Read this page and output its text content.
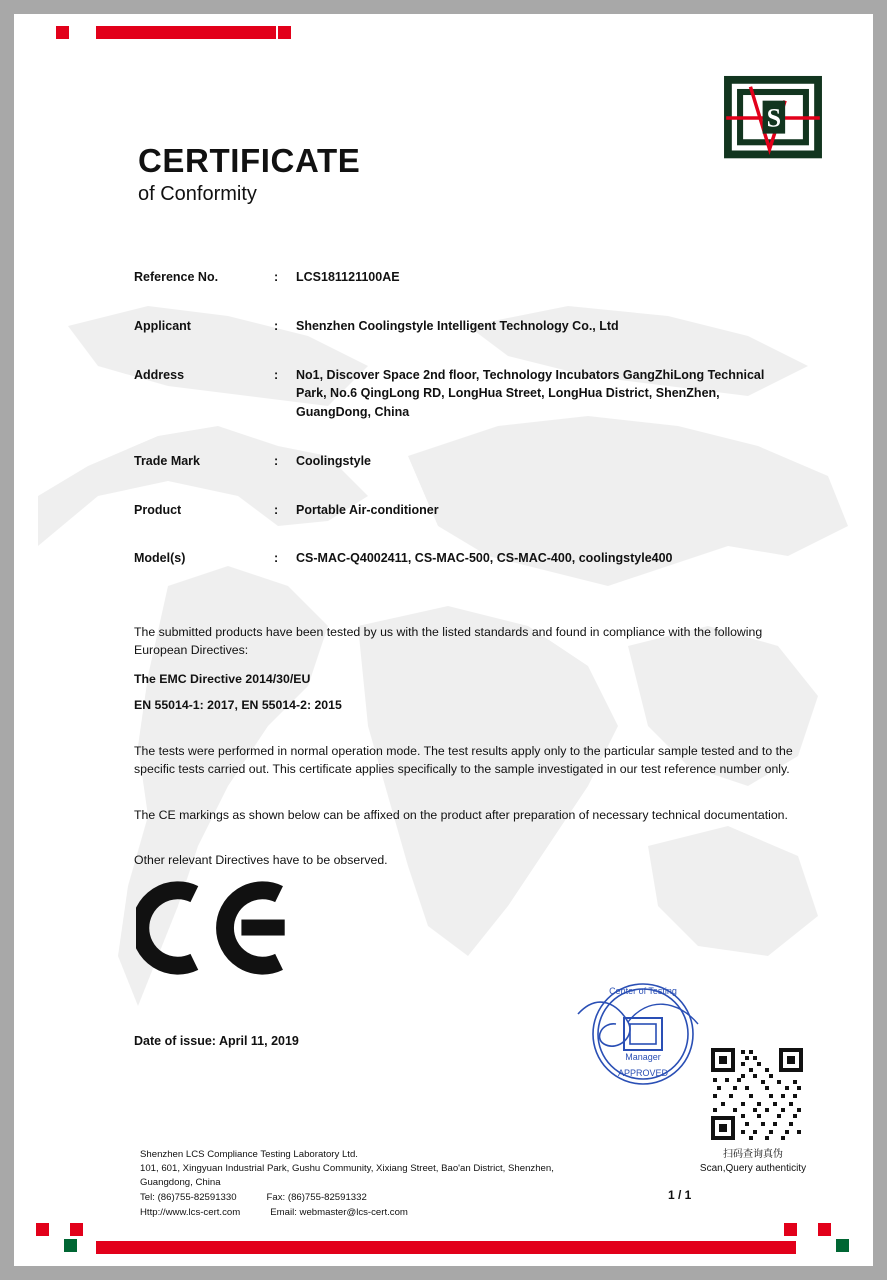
S
CERTIFICATE
of Conformity
Reference No.	:	LCS181121100AE
Applicant	:	Shenzhen Coolingstyle Intelligent Technology Co., Ltd
Address	:	No1, Discover Space 2nd floor, Technology Incubators GangZhiLong Technical Park, No.6 QingLong RD, LongHua Street, LongHua District, ShenZhen, GuangDong, China
Trade Mark	:	Coolingstyle
Product	:	Portable Air-conditioner
Model(s)	:	CS-MAC-Q4002411, CS-MAC-500, CS-MAC-400, coolingstyle400
The submitted products have been tested by us with the listed standards and found in compliance with the following European Directives:
The EMC Directive 2014/30/EU
EN 55014-1: 2017, EN 55014-2: 2015
The tests were performed in normal operation mode. The test results apply only to the particular sample tested and to the specific tests carried out. This certificate applies specifically to the sample investigated in our test reference number only.
The CE markings as shown below can be affixed on the product after preparation of necessary technical documentation.
Other relevant Directives have to be observed.
Date of issue: April 11, 2019
Center of Testing
Manager
APPROVED
扫码查询真伪
Scan,Query authenticity
Shenzhen LCS Compliance Testing Laboratory Ltd.
101, 601, Xingyuan Industrial Park, Gushu Community, Xixiang Street, Bao'an District, Shenzhen,
Guangdong, China
Tel: (86)755-82591330	Fax: (86)755-82591332
Http://www.lcs-cert.com	Email: webmaster@lcs-cert.com
1 / 1
